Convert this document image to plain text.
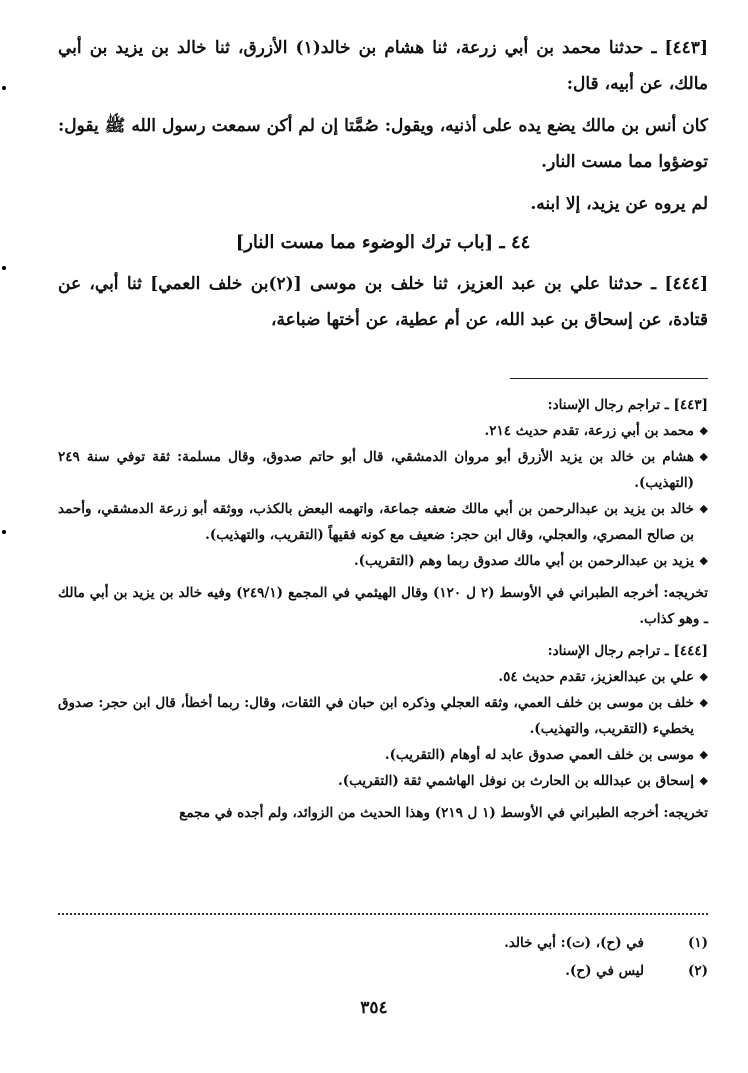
[٤٤٣] ـ حدثنا محمد بن أبي زرعة، ثنا هشام بن خالد(١) الأزرق، ثنا خالد بن يزيد بن أبي مالك، عن أبيه، قال:

كان أنس بن مالك يضع يده على أذنيه، ويقول: صُمَّتا إن لم أكن سمعت رسول الله ﷺ يقول: توضؤوا مما مست النار.

لم يروه عن يزيد، إلا ابنه.

٤٤ ـ [باب ترك الوضوء مما مست النار]

[٤٤٤] ـ حدثنا علي بن عبد العزيز، ثنا خلف بن موسى [(٢)بن خلف العمي] ثنا أبي، عن قتادة، عن إسحاق بن عبد الله، عن أم عطية، عن أختها ضباعة،

[٤٤٣] ـ تراجم رجال الإسناد:

◆ محمد بن أبي زرعة، تقدم حديث ٢١٤.

◆ هشام بن خالد بن يزيد الأزرق أبو مروان الدمشقي، قال أبو حاتم صدوق، وقال مسلمة: ثقة توفي سنة ٢٤٩ (التهذيب).

◆ خالد بن يزيد بن عبدالرحمن بن أبي مالك ضعفه جماعة، واتهمه البعض بالكذب، ووثقه أبو زرعة الدمشقي، وأحمد بن صالح المصري، والعجلي، وقال ابن حجر: ضعيف مع كونه فقيهاً (التقريب، والتهذيب).

◆ يزيد بن عبدالرحمن بن أبي مالك صدوق ربما وهم (التقريب).

تخريجه: أخرجه الطبراني في الأوسط (٢ ل ١٢٠) وقال الهيثمي في المجمع (٢٤٩/١) وفيه خالد بن يزيد بن أبي مالك ـ وهو كذاب.

[٤٤٤] ـ تراجم رجال الإسناد:

◆ علي بن عبدالعزيز، تقدم حديث ٥٤.

◆ خلف بن موسى بن خلف العمي، وثقه العجلي وذكره ابن حبان في الثقات، وقال: ربما أخطأ، قال ابن حجر: صدوق يخطيء (التقريب، والتهذيب).

◆ موسى بن خلف العمي صدوق عابد له أوهام (التقريب).

◆ إسحاق بن عبدالله بن الحارث بن نوفل الهاشمي ثقة (التقريب).

تخريجه: أخرجه الطبراني في الأوسط (١ ل ٢١٩) وهذا الحديث من الزوائد، ولم أجده في مجمع

(١)في (ح)، (ت): أبي خالد.
(٢)ليس في (ح).
٣٥٤
